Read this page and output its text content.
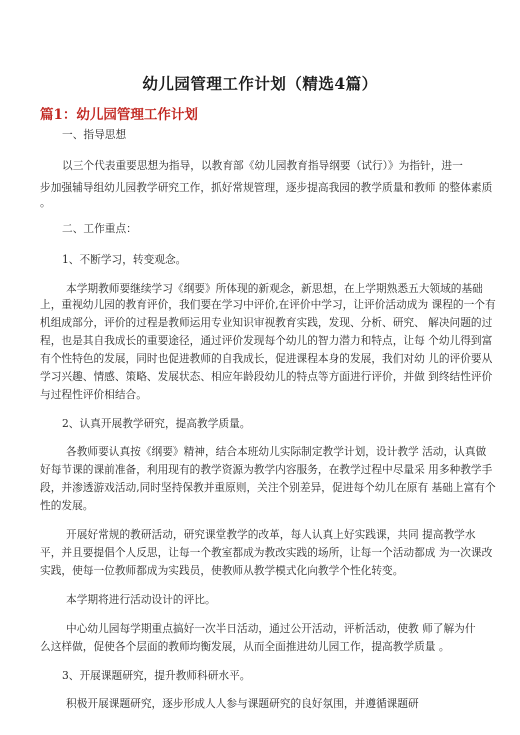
幼儿园管理工作计划（精选4篇）
篇1：幼儿园管理工作计划
一、指导思想
以三个代表重要思想为指导，以教育部《幼儿园教育指导纲要（试行）》为指针，进一
步加强辅导组幼儿园教学研究工作，抓好常规管理，逐步提高我园的教学质量和教师 的整体素质
。
二、工作重点：
1、不断学习，转变观念。
本学期教师要继续学习《纲要》所体现的新观念，新思想，在上学期熟悉五大领域的基础
上，重视幼儿园的教育评价，我们要在学习中评价,在评价中学习，让评价活动成为 课程的一个有
机组成部分，评价的过程是教师运用专业知识审视教育实践，发现、分析、研究、 解决问题的过
程，也是其自我成长的重要途径，通过评价发现每个幼儿的智力潜力和特点，让每 个幼儿得到富
有个性特色的发展，同时也促进教师的自我成长，促进课程本身的发展，我们对幼 儿的评价要从
学习兴趣、情感、策略、发展状态、相应年龄段幼儿的特点等方面进行评价，并做 到终结性评价
与过程性评价相结合。
2、认真开展教学研究，提高教学质量。
各教师要认真按《纲要》精神，结合本班幼儿实际制定教学计划，设计教学 活动，认真做
好每节课的课前准备，利用现有的教学资源为教学内容服务，在教学过程中尽量采 用多种教学手
段，并渗透游戏活动,同时坚持保教并重原则，关注个别差异，促进每个幼儿在原有 基础上富有个
性的发展。
开展好常规的教研活动，研究课堂教学的改革，每人认真上好实践课，共同 提高教学水
平，并且要提倡个人反思，让每一个教室都成为教改实践的场所，让每一个活动都成 为一次课改
实践，使每一位教师都成为实践员，使教师从教学模式化向教学个性化转变。
本学期将进行活动设计的评比。
中心幼儿园每学期重点搞好一次半日活动，通过公开活动，评析活动，使教 师了解为什
么这样做，促使各个层面的教师均衡发展，从而全面推进幼儿园工作，提高教学质量 。
3、开展课题研究，提升教师科研水平。
积极开展课题研究，逐步形成人人参与课题研究的良好氛围，并遵循课题研
